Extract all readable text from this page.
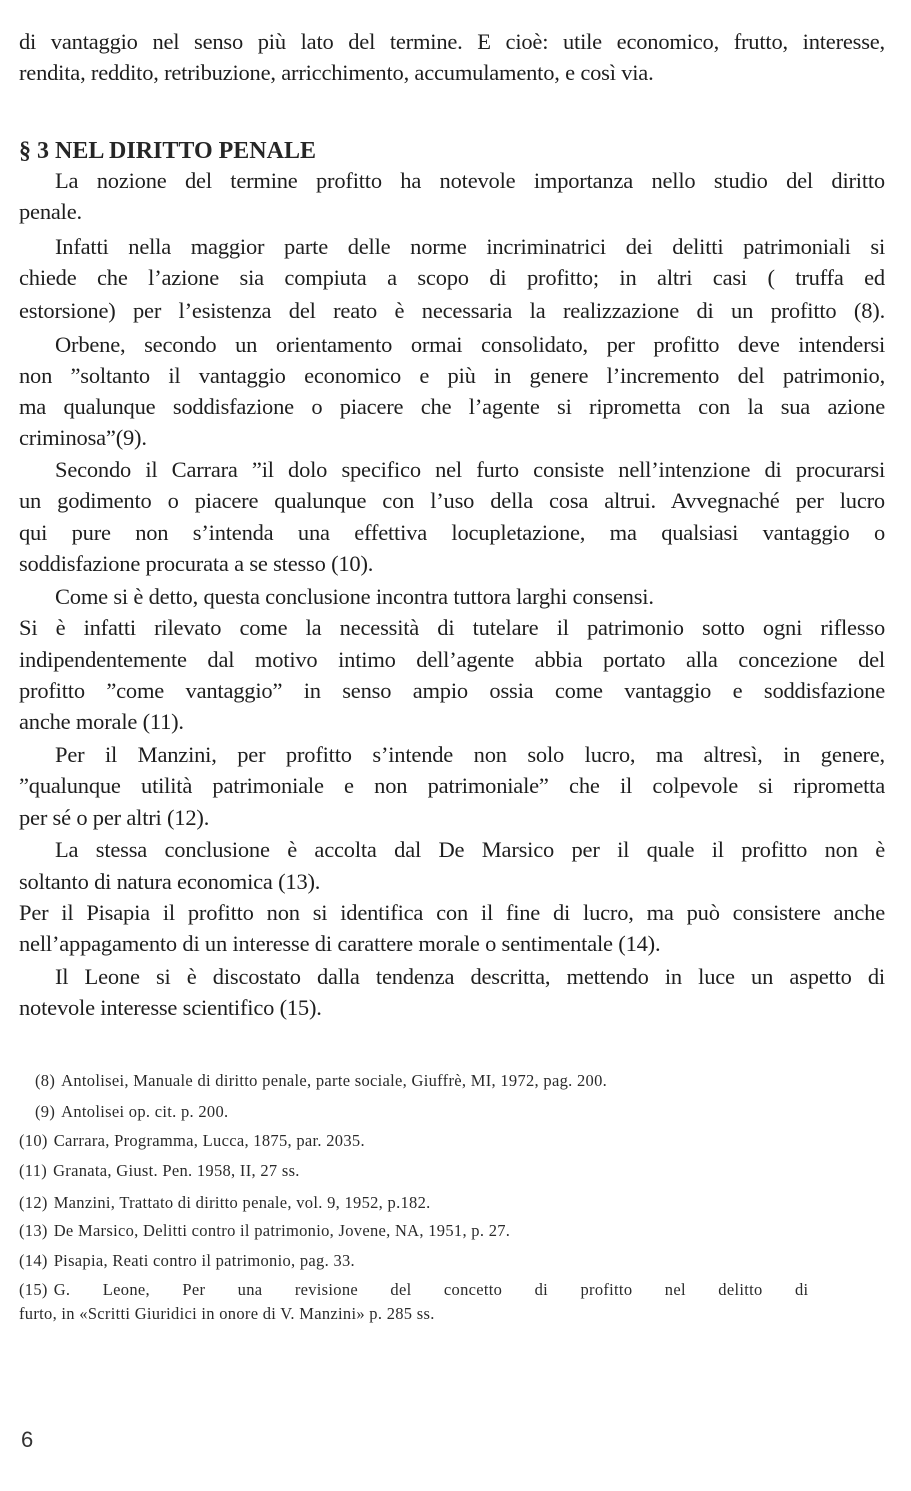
di vantaggio nel senso più lato del termine. E cioè: utile economico, frutto, interesse,
rendita, reddito, retribuzione, arricchimento, accumulamento, e così via.
§ 3 NEL DIRITTO PENALE
La nozione del termine profitto ha notevole importanza nello studio del diritto
penale.
Infatti nella maggior parte delle norme incriminatrici dei delitti patrimoniali si
chiede che l’azione sia compiuta a scopo di profitto; in altri casi ( truffa ed
estorsione) per l’esistenza del reato è necessaria la realizzazione di un profitto (8).
Orbene, secondo un orientamento ormai consolidato, per profitto deve intendersi
non ”soltanto il vantaggio economico e più in genere l’incremento del patrimonio,
ma qualunque soddisfazione o piacere che l’agente si riprometta con la sua azione
criminosa”(9).
Secondo il Carrara ”il dolo specifico nel furto consiste nell’intenzione di procurarsi
un godimento o piacere qualunque con l’uso della cosa altrui. Avvegnaché per lucro
qui pure non s’intenda una effettiva locupletazione, ma qualsiasi vantaggio o
soddisfazione procurata a se stesso (10).
Come si è detto, questa conclusione incontra tuttora larghi consensi.
Si è infatti rilevato come la necessità di tutelare il patrimonio sotto ogni riflesso
indipendentemente dal motivo intimo dell’agente abbia portato alla concezione del
profitto ”come vantaggio” in senso ampio ossia come vantaggio e soddisfazione
anche morale (11).
Per il Manzini, per profitto s’intende non solo lucro, ma altresì, in genere,
”qualunque utilità patrimoniale e non patrimoniale” che il colpevole si riprometta
per sé o per altri (12).
La stessa conclusione è accolta dal De Marsico per il quale il profitto non è
soltanto di natura economica (13).
Per il Pisapia il profitto non si identifica con il fine di lucro, ma può consistere anche
nell’appagamento di un interesse di carattere morale o sentimentale (14).
Il Leone si è discostato dalla tendenza descritta, mettendo in luce un aspetto di
notevole interesse scientifico (15).
(8) Antolisei, Manuale di diritto penale, parte sociale, Giuffrè, MI, 1972, pag. 200.
(9) Antolisei op. cit. p. 200.
(10) Carrara, Programma, Lucca, 1875, par. 2035.
(11) Granata, Giust. Pen. 1958, II, 27 ss.
(12) Manzini, Trattato di diritto penale, vol. 9, 1952, p.182.
(13) De Marsico, Delitti contro il patrimonio, Jovene, NA, 1951, p. 27.
(14) Pisapia, Reati contro il patrimonio, pag. 33.
(15) G. Leone, Per una revisione del concetto di profitto nel delitto di
furto, in «Scritti Giuridici in onore di V. Manzini» p. 285 ss.
6
